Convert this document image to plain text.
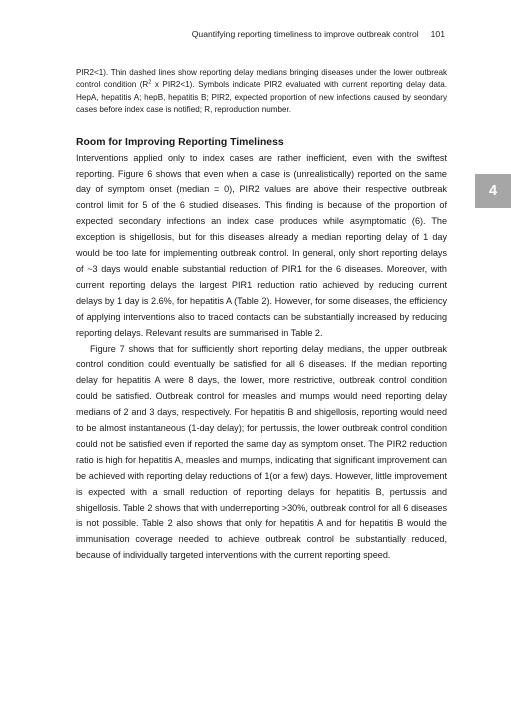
Quantifying reporting timeliness to improve outbreak control 101
4

PIR2<1). Thin dashed lines show reporting delay medians bringing diseases under the lower outbreak control condition ($R^2$ x PIR2<1). Symbols indicate PIR2 evaluated with current reporting delay data. HepA, hepatitis A; hepB, hepatitis B; PIR2, expected proportion of new infections caused by seondary cases before index case is notified; R, reproduction number.

Room for Improving Reporting Timeliness

Interventions applied only to index cases are rather inefficient, even with the swiftest reporting. Figure 6 shows that even when a case is (unrealistically) reported on the same day of symptom onset (median = 0), PIR2 values are above their respective outbreak control limit for 5 of the 6 studied diseases. This finding is because of the proportion of expected secondary infections an index case produces while asymptomatic (6). The exception is shigellosis, but for this diseases already a median reporting delay of 1 day would be too late for implementing outbreak control. In general, only short reporting delays of ~3 days would enable substantial reduction of PIR1 for the 6 diseases. Moreover, with current reporting delays the largest PIR1 reduction ratio achieved by reducing current delays by 1 day is 2.6%, for hepatitis A (Table 2). However, for some diseases, the efficiency of applying interventions also to traced contacts can be substantially increased by reducing reporting delays. Relevant results are summarised in Table 2.

Figure 7 shows that for sufficiently short reporting delay medians, the upper outbreak control condition could eventually be satisfied for all 6 diseases. If the median reporting delay for hepatitis A were 8 days, the lower, more restrictive, outbreak control condition could be satisfied. Outbreak control for measles and mumps would need reporting delay medians of 2 and 3 days, respectively. For hepatitis B and shigellosis, reporting would need to be almost instantaneous (1-day delay); for pertussis, the lower outbreak control condition could not be satisfied even if reported the same day as symptom onset. The PIR2 reduction ratio is high for hepatitis A, measles and mumps, indicating that significant improvement can be achieved with reporting delay reductions of 1(or a few) days. However, little improvement is expected with a small reduction of reporting delays for hepatitis B, pertussis and shigellosis. Table 2 shows that with underreporting >30%, outbreak control for all 6 diseases is not possible. Table 2 also shows that only for hepatitis A and for hepatitis B would the immunisation coverage needed to achieve outbreak control be substantially reduced, because of individually targeted interventions with the current reporting speed.
